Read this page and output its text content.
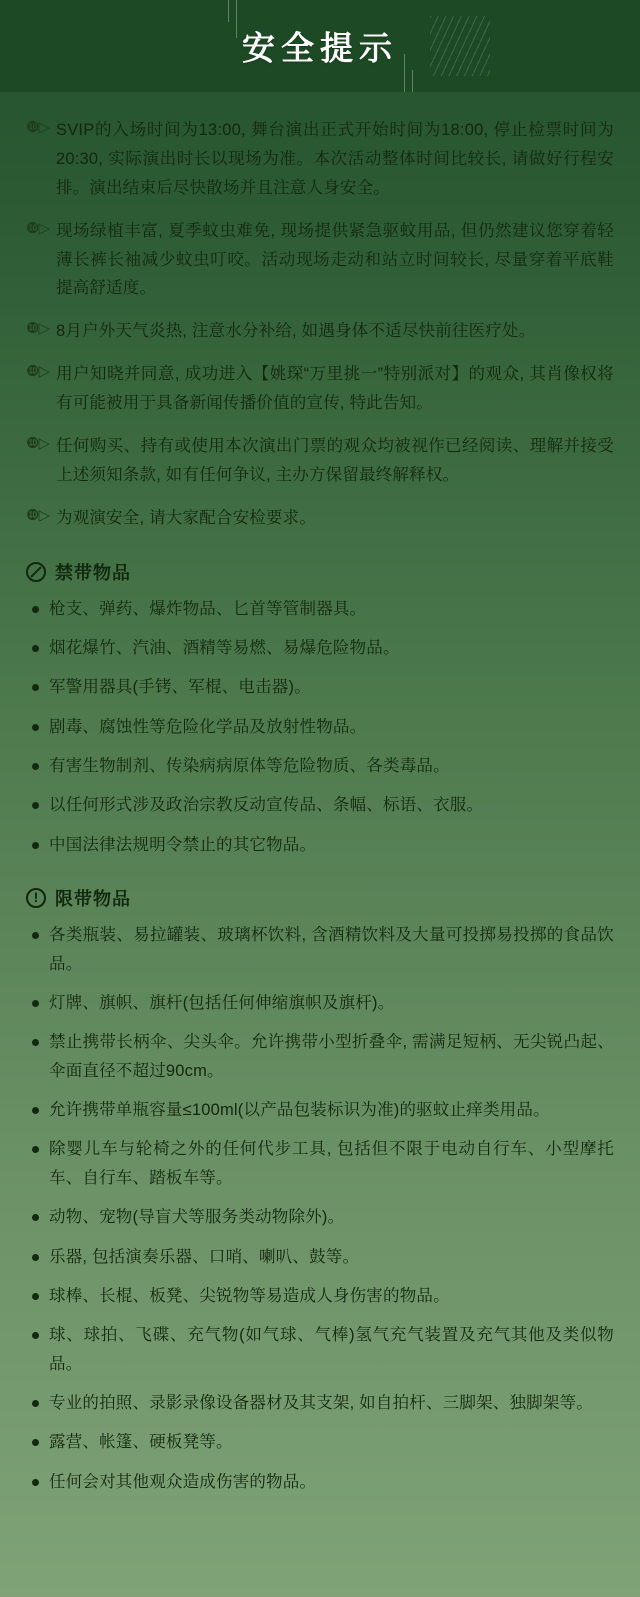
安全提示
❿▷ SVIP的入场时间为13:00, 舞台演出正式开始时间为18:00, 停止检票时间为20:30, 实际演出时长以现场为准。本次活动整体时间比较长, 请做好行程安排。演出结束后尽快散场并且注意人身安全。
❿▷ 现场绿植丰富, 夏季蚊虫难免, 现场提供紧急驱蚊用品, 但仍然建议您穿着轻薄长裤长袖减少蚊虫叮咬。活动现场走动和站立时间较长, 尽量穿着平底鞋提高舒适度。
❿▷ 8月户外天气炎热, 注意水分补给, 如遇身体不适尽快前往医疗处。
❿▷ 用户知晓并同意, 成功进入【姚琛“万里挑一”特别派对】的观众, 其肖像权将有可能被用于具备新闻传播价值的宣传, 特此告知。
❿▷ 任何购买、持有或使用本次演出门票的观众均被视作已经阅读、理解并接受上述须知条款, 如有任何争议, 主办方保留最终解释权。
❿▷ 为观演安全, 请大家配合安检要求。
禁带物品
枪支、弹药、爆炸物品、匕首等管制器具。
烟花爆竹、汽油、酒精等易燃、易爆危险物品。
军警用器具(手铐、军棍、电击器)。
剧毒、腐蚀性等危险化学品及放射性物品。
有害生物制剂、传染病病原体等危险物质、各类毒品。
以任何形式涉及政治宗教反动宣传品、条幅、标语、衣服。
中国法律法规明令禁止的其它物品。
!
限带物品
各类瓶装、易拉罐装、玻璃杯饮料, 含酒精饮料及大量可投掷易投掷的食品饮品。
灯牌、旗帜、旗杆(包括任何伸缩旗帜及旗杆)。
禁止携带长柄伞、尖头伞。允许携带小型折叠伞, 需满足短柄、无尖锐凸起、伞面直径不超过90cm。
允许携带单瓶容量≤100ml(以产品包装标识为准)的驱蚊止痒类用品。
除婴儿车与轮椅之外的任何代步工具, 包括但不限于电动自行车、小型摩托车、自行车、踏板车等。
动物、宠物(导盲犬等服务类动物除外)。
乐器, 包括演奏乐器、口哨、喇叭、鼓等。
球棒、长棍、板凳、尖锐物等易造成人身伤害的物品。
球、球拍、飞碟、充气物(如气球、气棒)氢气充气装置及充气其他及类似物品。
专业的拍照、录影录像设备器材及其支架, 如自拍杆、三脚架、独脚架等。
露营、帐篷、硬板凳等。
任何会对其他观众造成伤害的物品。
